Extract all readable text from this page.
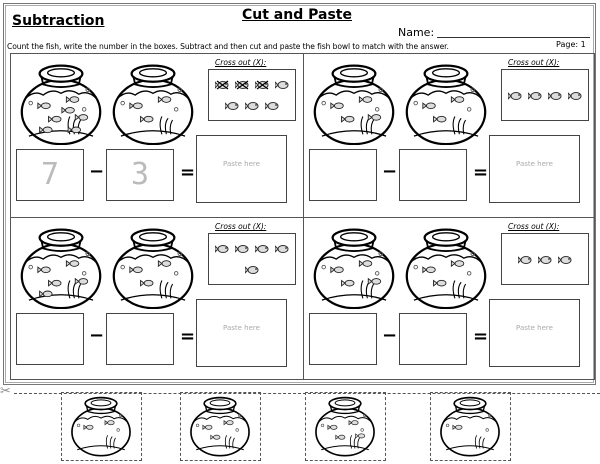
Subtraction	Cut and Paste
Name:
Count the fish, write the number in the boxes. Subtract and then cut and paste the fish bowl to match with the answer.	Page: 1
Cross out (X):
7	− 3	=	Paste here
Cross out (X):
−	=	Paste here
Cross out (X):
−	=	Paste here
Cross out (X):
−	=	Paste here
✂
